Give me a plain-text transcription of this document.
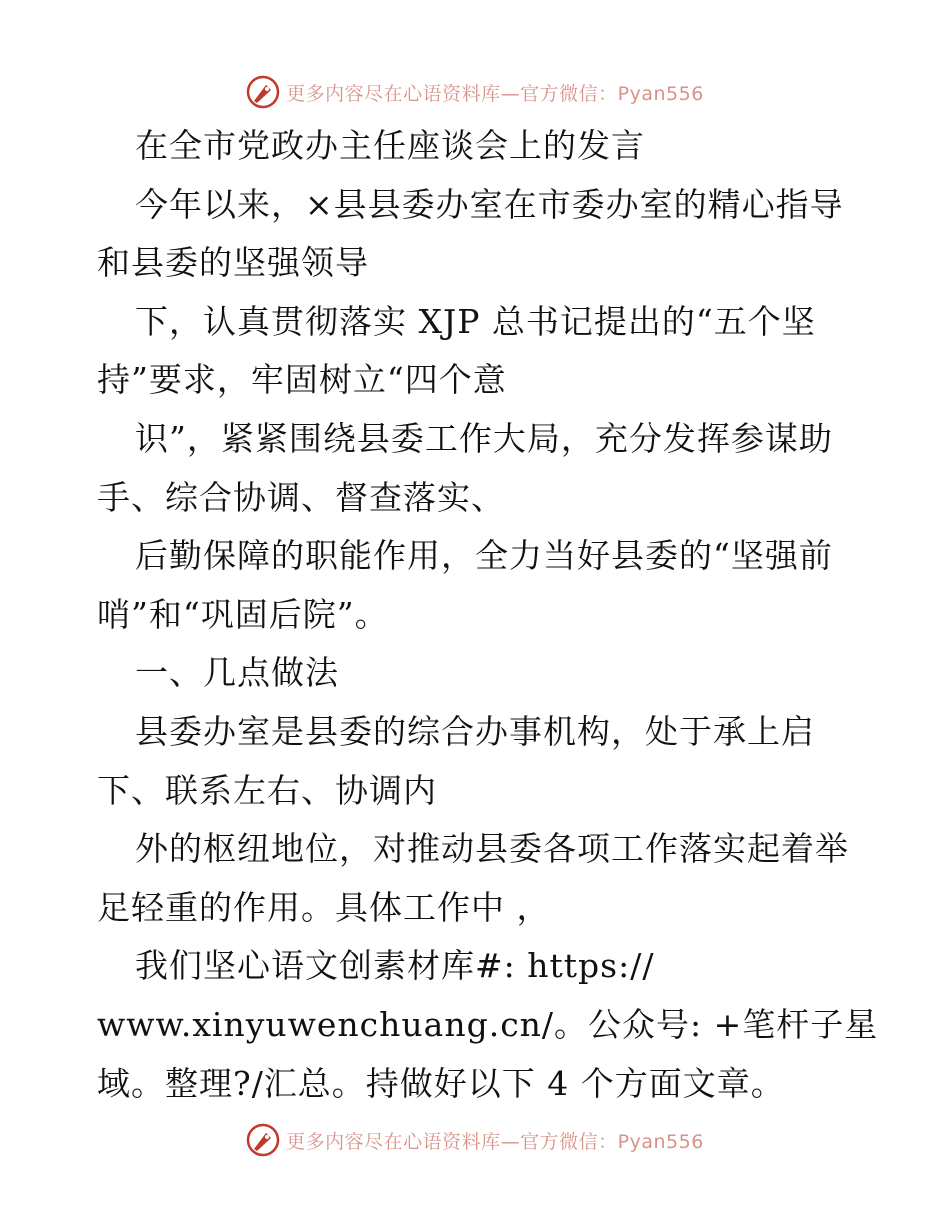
更多内容尽在心语资料库—官方微信：Pyan556
在全市党政办主任座谈会上的发言
今年以来，×县县委办室在市委办室的精心指导
和县委的坚强领导
下，认真贯彻落实 XJP 总书记提出的“五个坚
持”要求，牢固树立“四个意
识”，紧紧围绕县委工作大局，充分发挥参谋助
手、综合协调、督查落实、
后勤保障的职能作用，全力当好县委的“坚强前
哨”和“巩固后院”。
一、几点做法
县委办室是县委的综合办事机构，处于承上启
下、联系左右、协调内
外的枢纽地位，对推动县委各项工作落实起着举
足轻重的作用。具体工作中 ，
我们坚心语文创素材库#: https://
www.xinyuwenchuang.cn/。公众号: +笔杆子星
域。整理?/汇总。持做好以下 4 个方面文章。
更多内容尽在心语资料库—官方微信：Pyan556
